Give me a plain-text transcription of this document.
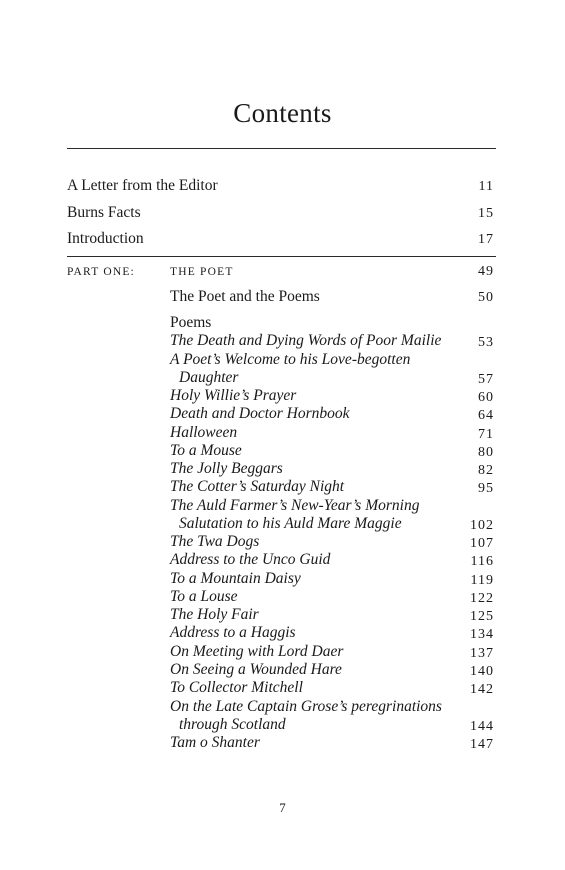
Contents
A Letter from the Editor	11
Burns Facts	15
Introduction	17
PART ONE:	THE POET	49
The Poet and the Poems	50
Poems
The Death and Dying Words of Poor Mailie	53
A Poet’s Welcome to his Love-begotten
Daughter	57
Holy Willie’s Prayer	60
Death and Doctor Hornbook	64
Halloween	71
To a Mouse	80
The Jolly Beggars	82
The Cotter’s Saturday Night	95
The Auld Farmer’s New-Year’s Morning
Salutation to his Auld Mare Maggie	102
The Twa Dogs	107
Address to the Unco Guid	116
To a Mountain Daisy	119
To a Louse	122
The Holy Fair	125
Address to a Haggis	134
On Meeting with Lord Daer	137
On Seeing a Wounded Hare	140
To Collector Mitchell	142
On the Late Captain Grose’s peregrinations
through Scotland	144
Tam o Shanter	147
7
